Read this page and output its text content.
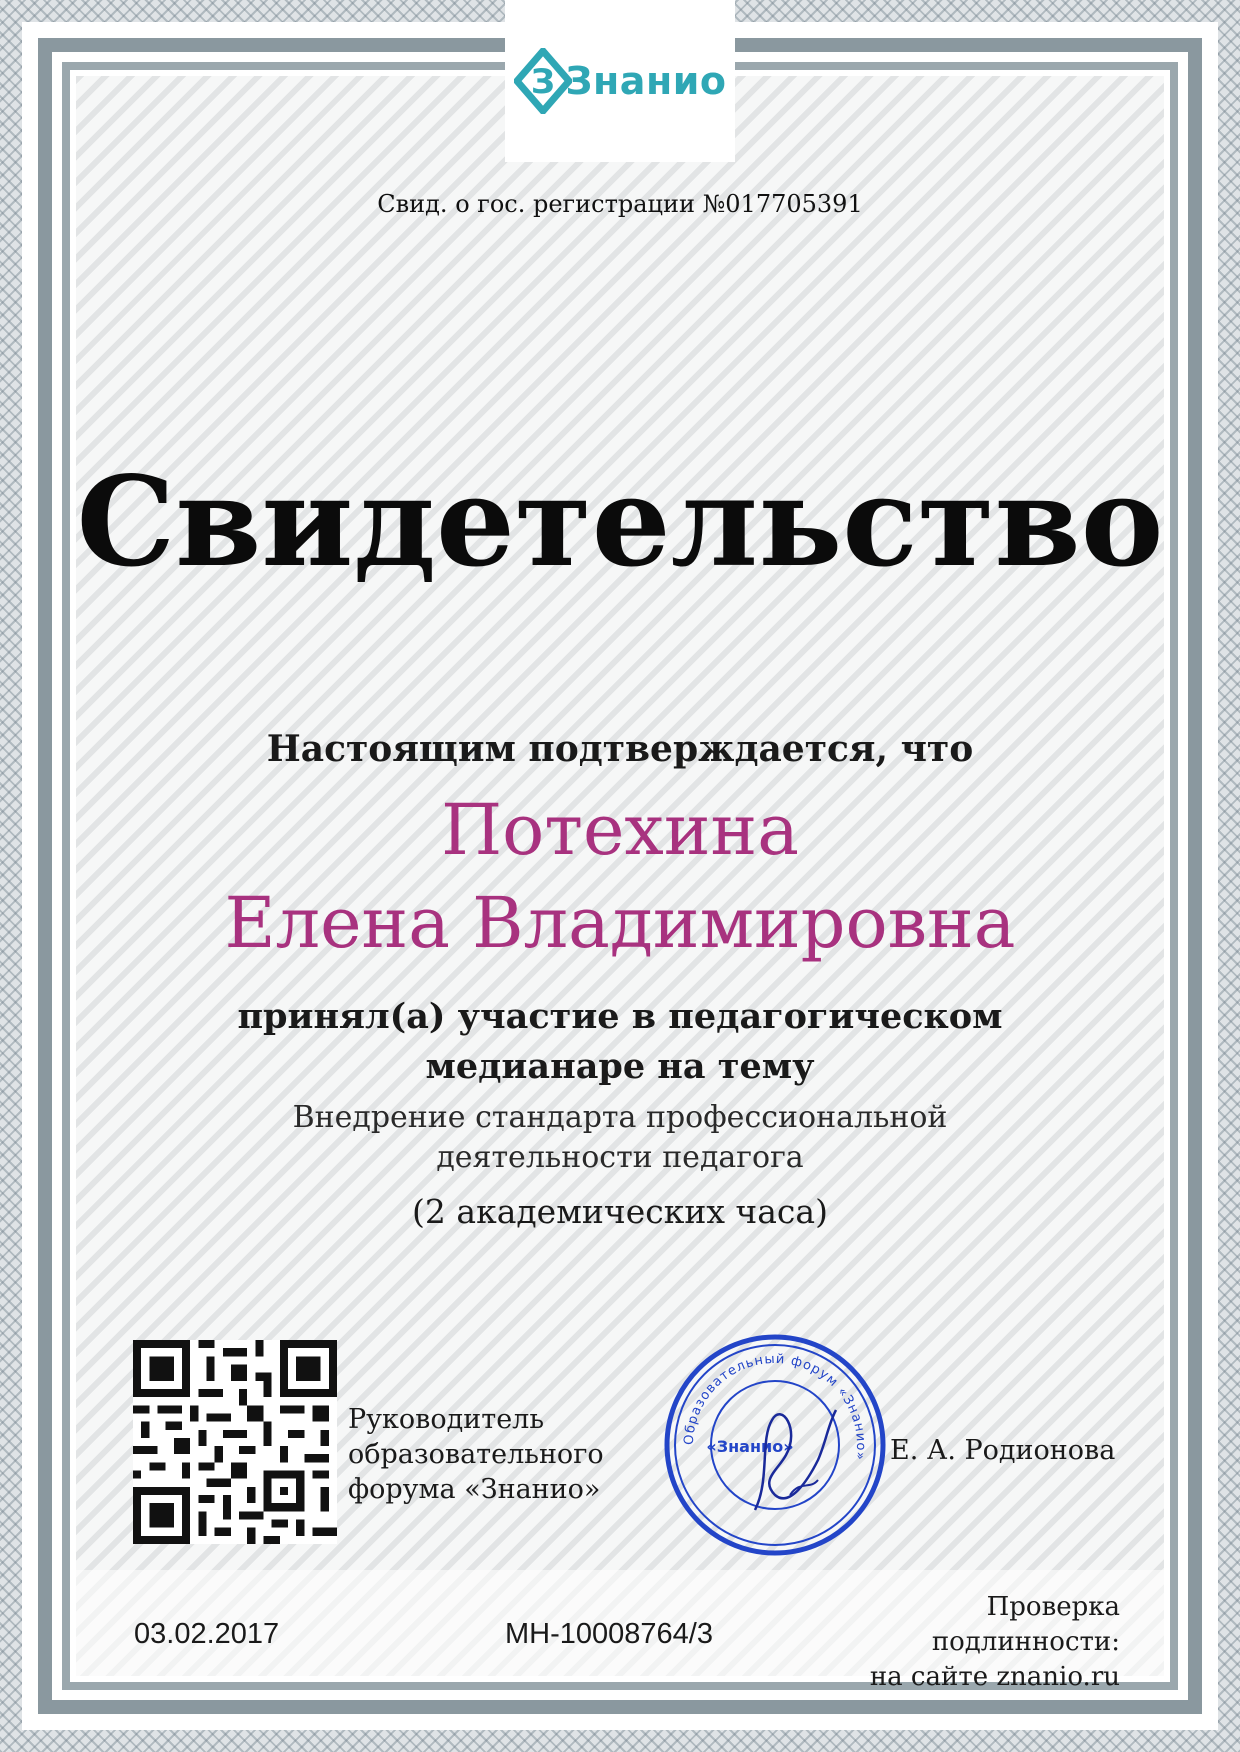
З Знанио
Свид. о гос. регистрации №017705391
Свидетельство
Настоящим подтверждается, что
Потехина
Елена Владимировна
принял(а) участие в педагогическом
медианаре на тему
Внедрение стандарта профессиональной
деятельности педагога
(2 академических часа)
Руководитель
образовательного
форума «Знанио»
Образовательный форум «Знанио»
«Знанио»	Е. А. Родионова
03.02.2017	МН-10008764/3
Проверка
подлинности:
на сайте znanio.ru
